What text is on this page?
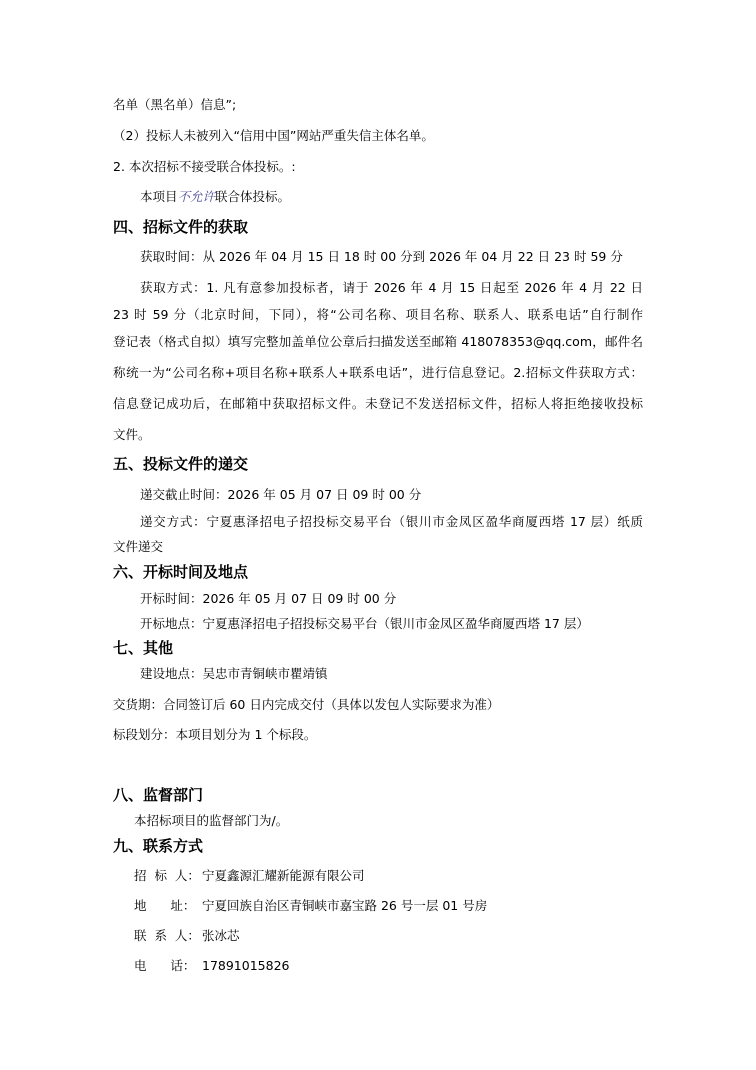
名单（黑名单）信息”;
（2）投标人未被列入“信用中国”网站严重失信主体名单。
2. 本次招标不接受联合体投标。:
本项目不允许联合体投标。
四、招标文件的获取
获取时间：从 2026 年 04 月 15 日 18 时 00 分到 2026 年 04 月 22 日 23 时 59 分
获取方式：1. 凡有意参加投标者，请于 2026 年 4 月 15 日起至 2026 年 4 月 22 日
23 时 59 分（北京时间，下同），将“公司名称、项目名称、联系人、联系电话”自行制作
登记表（格式自拟）填写完整加盖单位公章后扫描发送至邮箱 418078353@qq.com，邮件名
称统一为“公司名称+项目名称+联系人+联系电话”，进行信息登记。2.招标文件获取方式：
信息登记成功后，在邮箱中获取招标文件。未登记不发送招标文件，招标人将拒绝接收投标
文件。
五、投标文件的递交
递交截止时间：2026 年 05 月 07 日 09 时 00 分
递交方式：宁夏惠泽招电子招投标交易平台（银川市金凤区盈华商厦西塔 17 层）纸质
文件递交
六、开标时间及地点
开标时间：2026 年 05 月 07 日 09 时 00 分
开标地点：宁夏惠泽招电子招投标交易平台（银川市金凤区盈华商厦西塔 17 层）
七、其他
建设地点：吴忠市青铜峡市瞿靖镇
交货期：合同签订后 60 日内完成交付（具体以发包人实际要求为准）
标段划分：本项目划分为 1 个标段。
八、监督部门
本招标项目的监督部门为/。
九、联系方式
招  标  人： 宁夏鑫源汇耀新能源有限公司
地      址： 宁夏回族自治区青铜峡市嘉宝路 26 号一层 01 号房
联  系  人： 张冰芯
电      话： 17891015826
